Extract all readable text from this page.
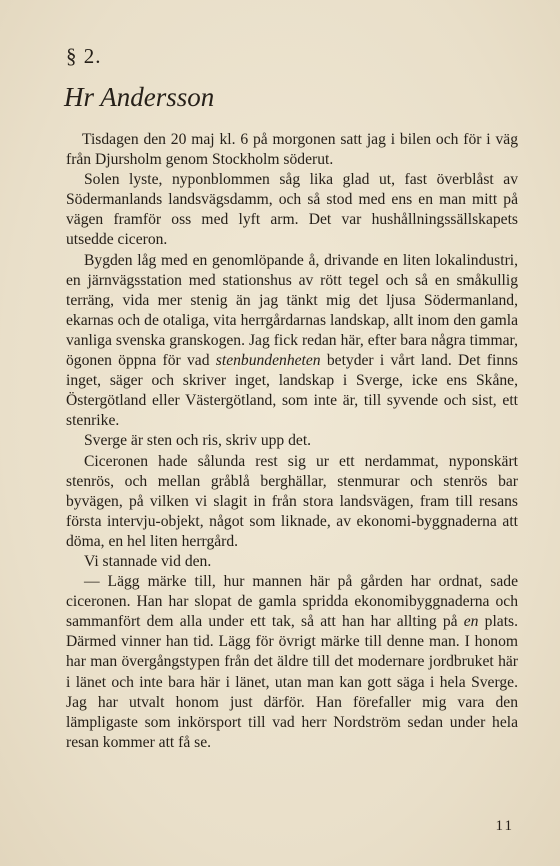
§ 2.
Hr Andersson

Tisdagen den 20 maj kl. 6 på morgonen satt jag i bilen och för i väg från Djursholm genom Stockholm söderut.

Solen lyste, nyponblommen såg lika glad ut, fast överblåst av Södermanlands landsvägsdamm, och så stod med ens en man mitt på vägen framför oss med lyft arm. Det var hushållningssällskapets utsedde ciceron.

Bygden låg med en genomlöpande å, drivande en liten lokalindustri, en järnvägsstation med stationshus av rött tegel och så en småkullig terräng, vida mer stenig än jag tänkt mig det ljusa Södermanland, ekarnas och de otaliga, vita herrgårdarnas landskap, allt inom den gamla vanliga svenska granskogen. Jag fick redan här, efter bara några timmar, ögonen öppna för vad stenbundenheten betyder i vårt land. Det finns inget, säger och skriver inget, landskap i Sverge, icke ens Skåne, Östergötland eller Västergötland, som inte är, till syvende och sist, ett stenrike.

Sverge är sten och ris, skriv upp det.

Ciceronen hade sålunda rest sig ur ett nerdammat, nyponskärt stenrös, och mellan gråblå berghällar, stenmurar och stenrös bar byvägen, på vilken vi slagit in från stora landsvägen, fram till resans första intervju-objekt, något som liknade, av ekonomi-byggnaderna att döma, en hel liten herrgård.

Vi stannade vid den.

— Lägg märke till, hur mannen här på gården har ordnat, sade ciceronen. Han har slopat de gamla spridda ekonomibyggnaderna och sammanfört dem alla under ett tak, så att han har allting på en plats. Därmed vinner han tid. Lägg för övrigt märke till denne man. I honom har man övergångstypen från det äldre till det modernare jordbruket här i länet och inte bara här i länet, utan man kan gott säga i hela Sverge. Jag har utvalt honom just därför. Han förefaller mig vara den lämpligaste som inkörsport till vad herr Nordström sedan under hela resan kommer att få se.

11
